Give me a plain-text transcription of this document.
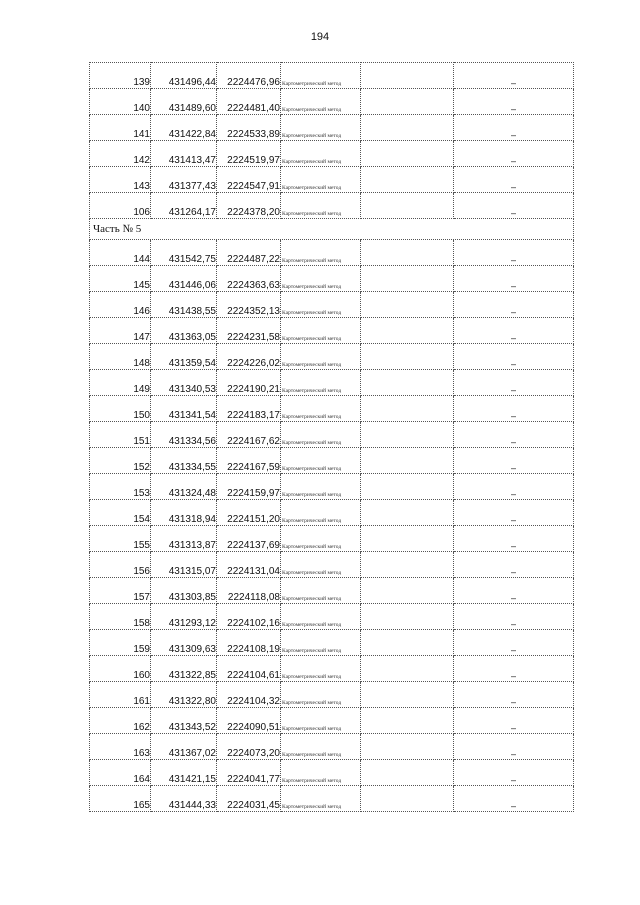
194
139	431496,44	2224476,96	Картометрический метод		–
140	431489,60	2224481,40	Картометрический метод		–
141	431422,84	2224533,89	Картометрический метод		–
142	431413,47	2224519,97	Картометрический метод		–
143	431377,43	2224547,91	Картометрический метод		–
106	431264,17	2224378,20	Картометрический метод		–
Часть № 5					
144	431542,75	2224487,22	Картометрический метод		–
145	431446,06	2224363,63	Картометрический метод		–
146	431438,55	2224352,13	Картометрический метод		–
147	431363,05	2224231,58	Картометрический метод		–
148	431359,54	2224226,02	Картометрический метод		–
149	431340,53	2224190,21	Картометрический метод		–
150	431341,54	2224183,17	Картометрический метод		–
151	431334,56	2224167,62	Картометрический метод		–
152	431334,55	2224167,59	Картометрический метод		–
153	431324,48	2224159,97	Картометрический метод		–
154	431318,94	2224151,20	Картометрический метод		–
155	431313,87	2224137,69	Картометрический метод		–
156	431315,07	2224131,04	Картометрический метод		–
157	431303,85	2224118,08	Картометрический метод		–
158	431293,12	2224102,16	Картометрический метод		–
159	431309,63	2224108,19	Картометрический метод		–
160	431322,85	2224104,61	Картометрический метод		–
161	431322,80	2224104,32	Картометрический метод		–
162	431343,52	2224090,51	Картометрический метод		–
163	431367,02	2224073,20	Картометрический метод		–
164	431421,15	2224041,77	Картометрический метод		–
165	431444,33	2224031,45	Картометрический метод		–
